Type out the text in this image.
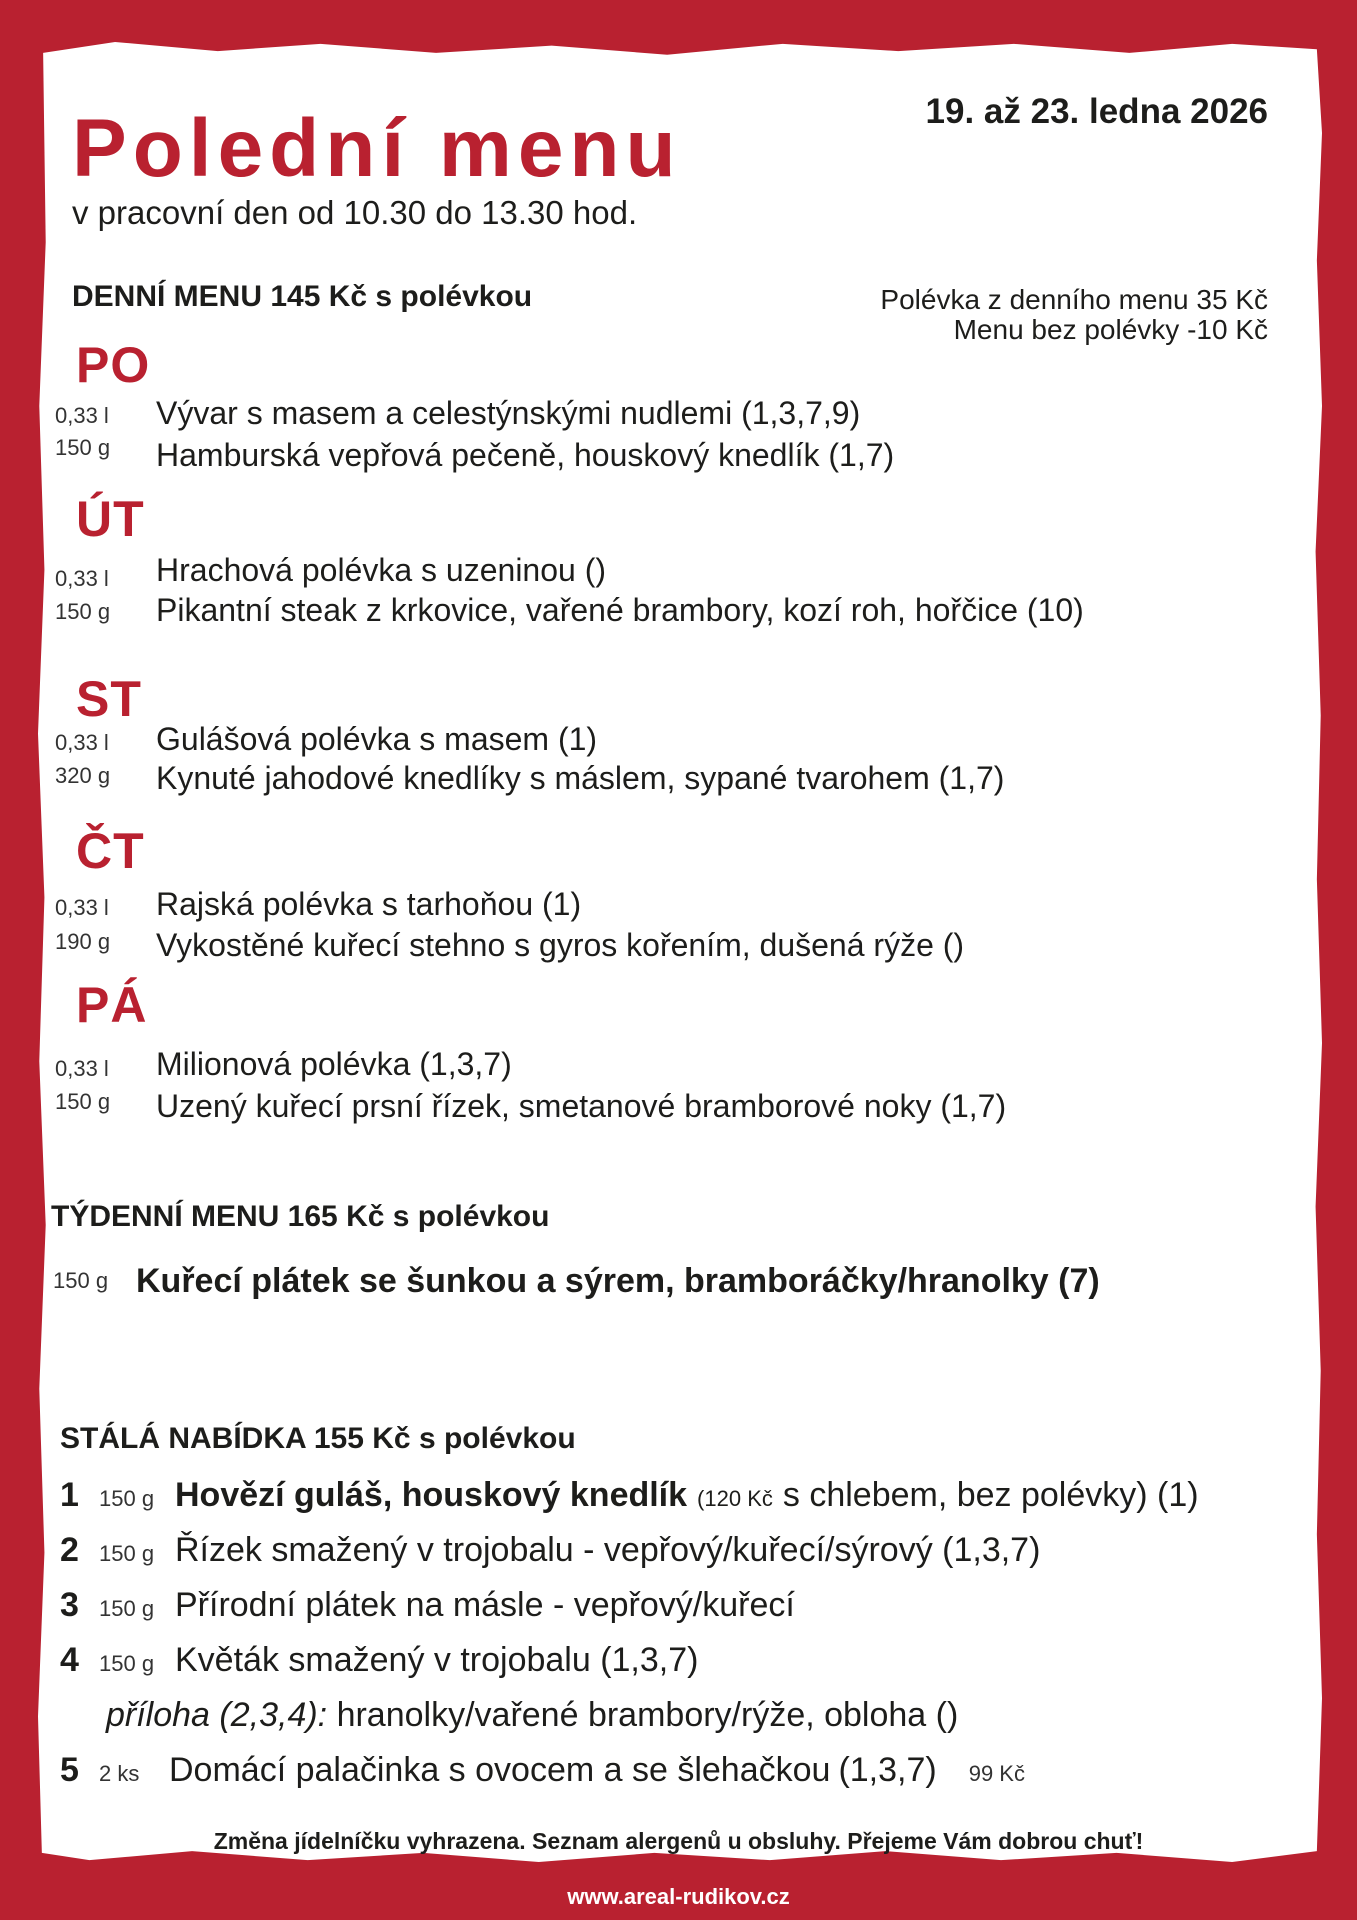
Polední menu
v pracovní den od 10.30 do 13.30 hod.
19. až 23. ledna 2026
DENNÍ MENU 145 Kč s polévkou	Polévka z denního menu 35 Kč
Menu bez polévky -10 Kč
PO
0,33 l Vývar s masem a celestýnskými nudlemi (1,3,7,9)
150 g Hamburská vepřová pečeně, houskový knedlík (1,7)
ÚT
0,33 l Hrachová polévka s uzeninou ()
150 g Pikantní steak z krkovice, vařené brambory, kozí roh, hořčice (10)
ST
0,33 l Gulášová polévka s masem (1)
320 g Kynuté jahodové knedlíky s máslem, sypané tvarohem (1,7)
ČT
0,33 l Rajská polévka s tarhoňou (1)
190 g Vykostěné kuřecí stehno s gyros kořením, dušená rýže ()
PÁ
0,33 l Milionová polévka (1,3,7)
150 g Uzený kuřecí prsní řízek, smetanové bramborové noky (1,7)
TÝDENNÍ MENU 165 Kč s polévkou
150 g Kuřecí plátek se šunkou a sýrem, bramboráčky/hranolky (7)
STÁLÁ NABÍDKA 155 Kč s polévkou
1 150 g Hovězí guláš, houskový knedlík (120 Kč s chlebem, bez polévky) (1)
2 150 g Řízek smažený v trojobalu - vepřový/kuřecí/sýrový (1,3,7)
3 150 g Přírodní plátek na másle - vepřový/kuřecí
4 150 g Květák smažený v trojobalu (1,3,7)
příloha (2,3,4): hranolky/vařené brambory/rýže, obloha ()
5 2 ks Domácí palačinka s ovocem a se šlehačkou (1,3,7) 99 Kč
Změna jídelníčku vyhrazena. Seznam alergenů u obsluhy. Přejeme Vám dobrou chuť!
www.areal-rudikov.cz
